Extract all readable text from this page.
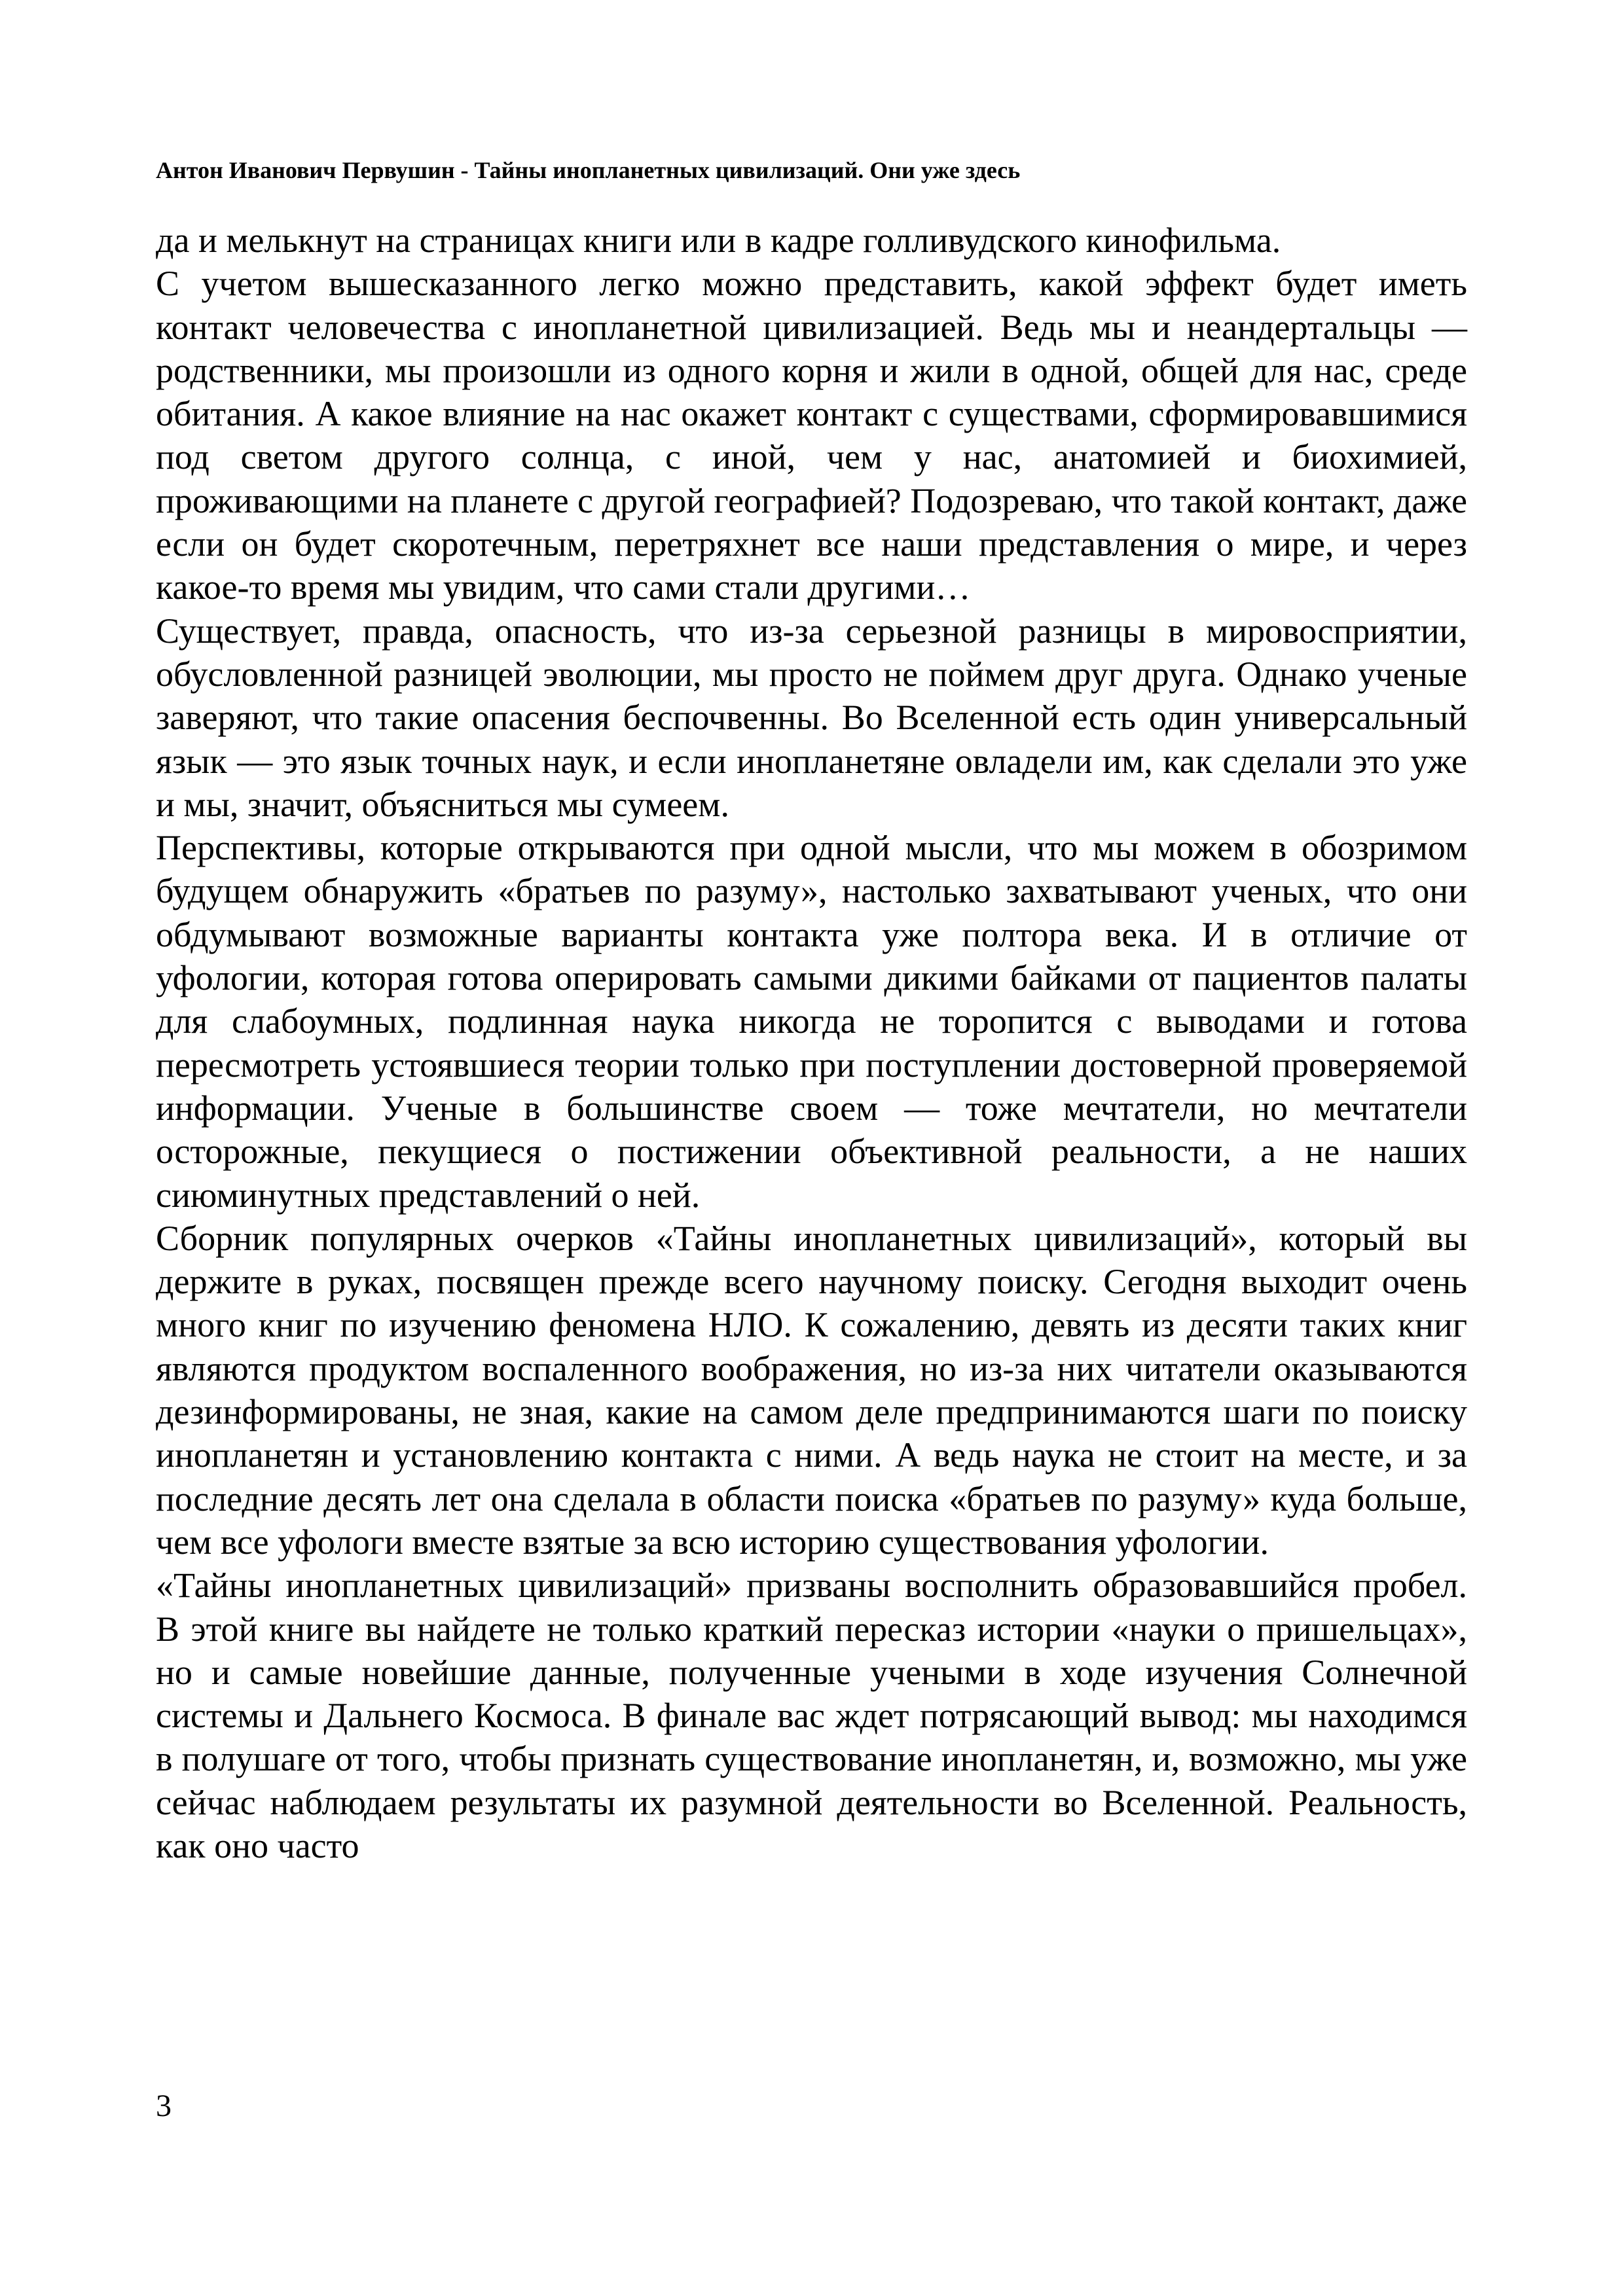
Антон Иванович Первушин - Тайны инопланетных цивилизаций. Они уже здесь

да и мелькнут на страницах книги или в кадре голливудского кинофильма.

С учетом вышесказанного легко можно представить, какой эффект будет иметь контакт человечества с инопланетной цивилизацией. Ведь мы и неандертальцы — родственники, мы произошли из одного корня и жили в одной, общей для нас, среде обитания. А какое влияние на нас окажет контакт с существами, сформировавшимися под светом другого солнца, с иной, чем у нас, анатомией и биохимией, проживающими на планете с другой географией? Подозреваю, что такой контакт, даже если он будет скоротечным, перетряхнет все наши представления о мире, и через какое-то время мы увидим, что сами стали другими…

Существует, правда, опасность, что из-за серьезной разницы в мировосприятии, обусловленной разницей эволюции, мы просто не поймем друг друга. Однако ученые заверяют, что такие опасения беспочвенны. Во Вселенной есть один универсальный язык — это язык точных наук, и если инопланетяне овладели им, как сделали это уже и мы, значит, объясниться мы сумеем.

Перспективы, которые открываются при одной мысли, что мы можем в обозримом будущем обнаружить «братьев по разуму», настолько захватывают ученых, что они обдумывают возможные варианты контакта уже полтора века. И в отличие от уфологии, которая готова оперировать самыми дикими байками от пациентов палаты для слабоумных, подлинная наука никогда не торопится с выводами и готова пересмотреть устоявшиеся теории только при поступлении достоверной проверяемой информации. Ученые в большинстве своем — тоже мечтатели, но мечтатели осторожные, пекущиеся о постижении объективной реальности, а не наших сиюминутных представлений о ней.

Сборник популярных очерков «Тайны инопланетных цивилизаций», который вы держите в руках, посвящен прежде всего научному поиску. Сегодня выходит очень много книг по изучению феномена НЛО. К сожалению, девять из десяти таких книг являются продуктом воспаленного воображения, но из-за них читатели оказываются дезинформированы, не зная, какие на самом деле предпринимаются шаги по поиску инопланетян и установлению контакта с ними. А ведь наука не стоит на месте, и за последние десять лет она сделала в области поиска «братьев по разуму» куда больше, чем все уфологи вместе взятые за всю историю существования уфологии.

«Тайны инопланетных цивилизаций» призваны восполнить образовавшийся пробел. В этой книге вы найдете не только краткий пересказ истории «науки о пришельцах», но и самые новейшие данные, полученные учеными в ходе изучения Солнечной системы и Дальнего Космоса. В финале вас ждет потрясающий вывод: мы находимся в полушаге от того, чтобы признать существование инопланетян, и, возможно, мы уже сейчас наблюдаем результаты их разумной деятельности во Вселенной. Реальность, как оно часто

3
